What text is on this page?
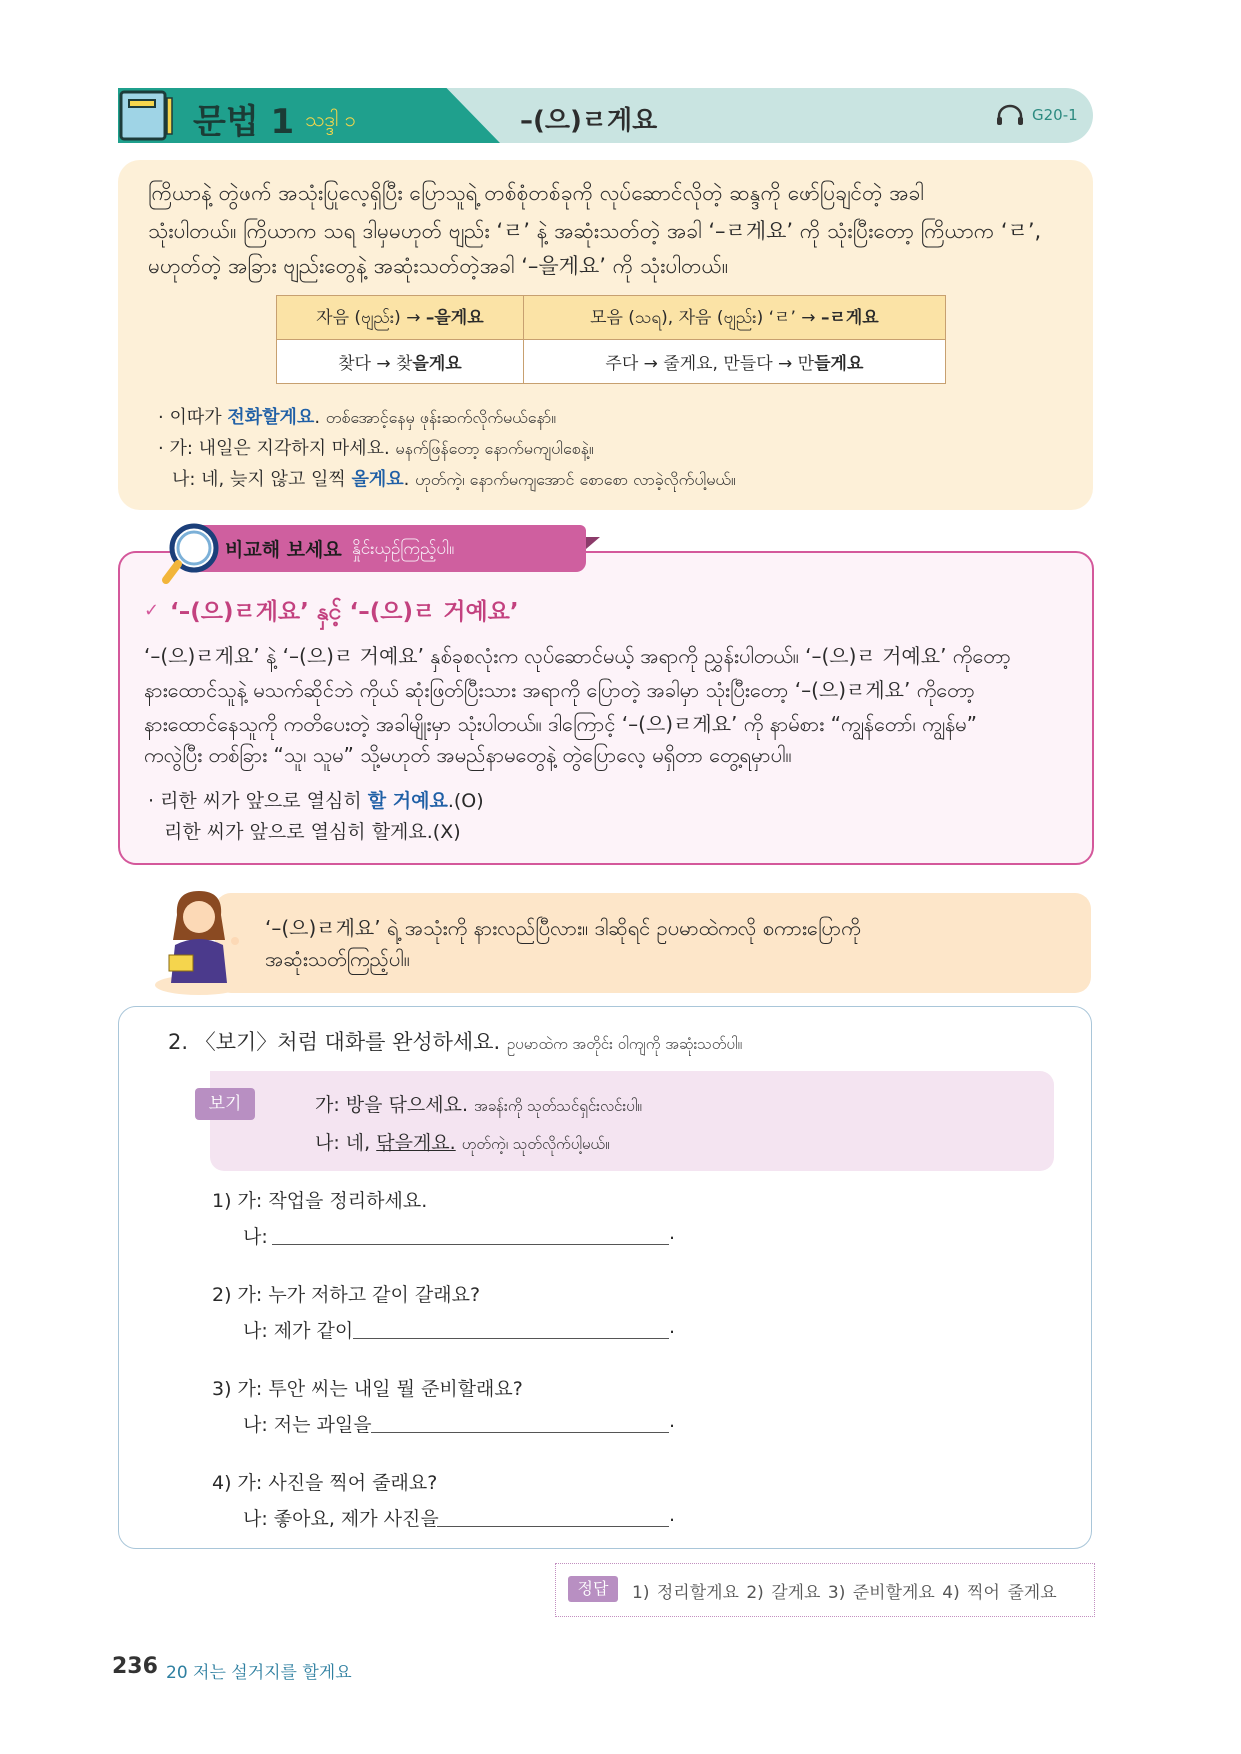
문법 1 သဒ္ဒါ ၁	–(으)ㄹ게요	G20-1
ကြိယာနဲ့ တွဲဖက် အသုံးပြုလေ့ရှိပြီး ပြောသူရဲ့ တစ်စုံတစ်ခုကို လုပ်ဆောင်လိုတဲ့ ဆန္ဒကို ဖော်ပြချင်တဲ့ အခါ
သုံးပါတယ်။ ကြိယာက သရ ဒါမှမဟုတ် ဗျည်း ‘ㄹ’ နဲ့ အဆုံးသတ်တဲ့ အခါ ‘–ㄹ게요’ ကို သုံးပြီးတော့ ကြိယာက ‘ㄹ’,
မဟုတ်တဲ့ အခြား ဗျည်းတွေနဲ့ အဆုံးသတ်တဲ့အခါ ‘–을게요’ ကို သုံးပါတယ်။
자음 (ဗျည်း) → –을게요	모음 (သရ), 자음 (ဗျည်း) ‘ㄹ’ → –ㄹ게요
찾다 → 찾을게요	주다 → 줄게요, 만들다 → 만들게요
· 이따가 전화할게요. တစ်အောင့်နေမှ ဖုန်းဆက်လိုက်မယ်နော်။
· 가: 내일은 지각하지 마세요. မနက်ဖြန်တော့ နောက်မကျပါစေနဲ့။
나: 네, 늦지 않고 일찍 올게요. ဟုတ်ကဲ့၊ နောက်မကျအောင် စောစော လာခဲ့လိုက်ပါ့မယ်။
비교해 보세요 နှိုင်းယှဉ်ကြည့်ပါ။
✓ ‘–(으)ㄹ게요’ နှင့် ‘–(으)ㄹ 거예요’
‘–(으)ㄹ게요’ နဲ့ ‘–(으)ㄹ 거예요’ နှစ်ခုစလုံးက လုပ်ဆောင်မယ့် အရာကို ညွှန်းပါတယ်။ ‘–(으)ㄹ 거예요’ ကိုတော့
နားထောင်သူနဲ့ မသက်ဆိုင်ဘဲ ကိုယ် ဆုံးဖြတ်ပြီးသား အရာကို ပြောတဲ့ အခါမှာ သုံးပြီးတော့ ‘–(으)ㄹ게요’ ကိုတော့
နားထောင်နေသူကို ကတိပေးတဲ့ အခါမျိုးမှာ သုံးပါတယ်။ ဒါကြောင့် ‘–(으)ㄹ게요’ ကို နာမ်စား “ကျွန်တော်၊ ကျွန်မ”
ကလွဲပြီး တစ်ခြား “သူ၊ သူမ” သို့မဟုတ် အမည်နာမတွေနဲ့ တွဲပြောလေ့ မရှိတာ တွေ့ရမှာပါ။
· 리한 씨가 앞으로 열심히 할 거예요.(O)
리한 씨가 앞으로 열심히 할게요.(X)
‘–(으)ㄹ게요’ ရဲ့ အသုံးကို နားလည်ပြီလား။ ဒါဆိုရင် ဥပမာထဲကလို စကားပြောကို
အဆုံးသတ်ကြည့်ပါ။
2. 〈보기〉처럼 대화를 완성하세요. ဥပမာထဲက အတိုင်း ဝါကျကို အဆုံးသတ်ပါ။
보기	가: 방을 닦으세요. အခန်းကို သုတ်သင်ရှင်းလင်းပါ။
나: 네, 닦을게요. ဟုတ်ကဲ့၊ သုတ်လိုက်ပါ့မယ်။
1) 가: 작업을 정리하세요.
나:	.
2) 가: 누가 저하고 같이 갈래요?
나: 제가 같이	.
3) 가: 투안 씨는 내일 뭘 준비할래요?
나: 저는 과일을	.
4) 가: 사진을 찍어 줄래요?
나: 좋아요, 제가 사진을	.
정답	1) 정리할게요 2) 갈게요 3) 준비할게요 4) 찍어 줄게요
236 20 저는 설거지를 할게요
